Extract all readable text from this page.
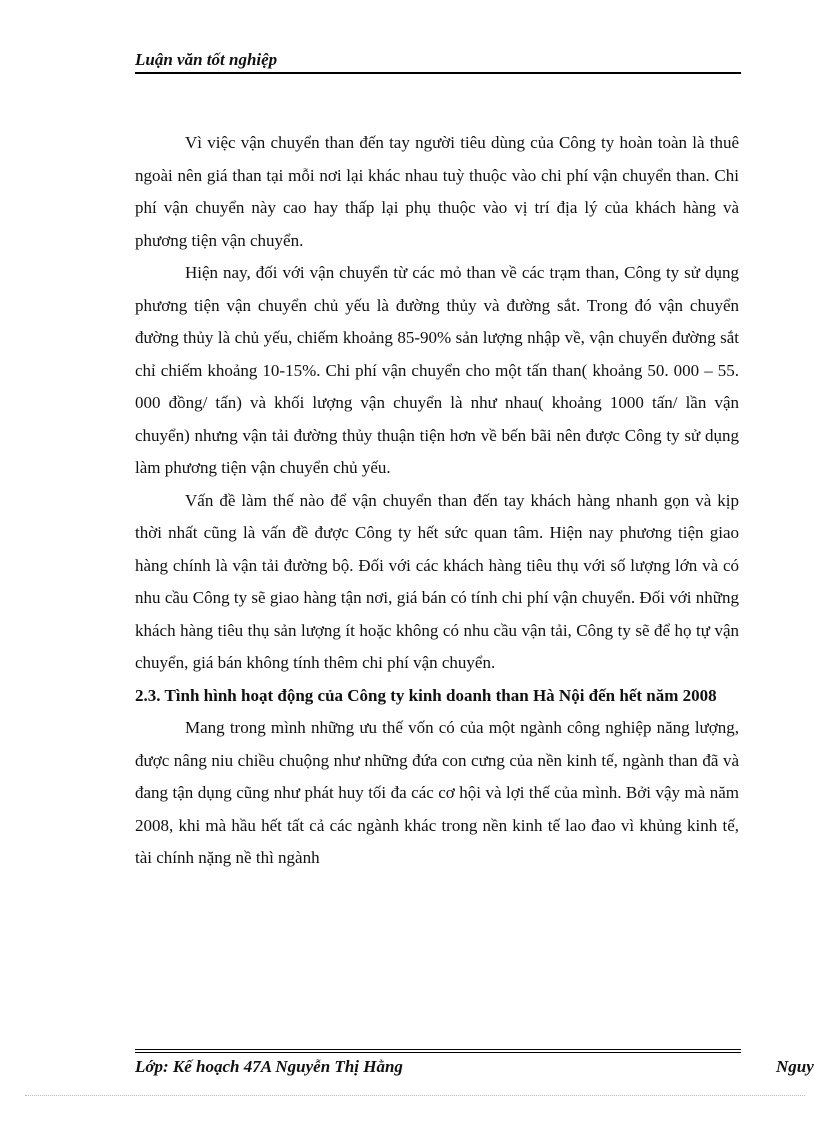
Luận văn tốt nghiệp

Vì việc vận chuyển than đến tay người tiêu dùng của Công ty hoàn toàn là thuê ngoài nên giá than tại mỗi nơi lại khác nhau tuỳ thuộc vào chi phí vận chuyển than. Chi phí vận chuyển này cao hay thấp lại phụ thuộc vào vị trí địa lý của khách hàng và phương tiện vận chuyển.

Hiện nay, đối với vận chuyển từ các mỏ than về các trạm than, Công ty sử dụng phương tiện vận chuyển chủ yếu là đường thủy và đường sắt. Trong đó vận chuyển đường thủy là chủ yếu, chiếm khoảng 85-90% sản lượng nhập về, vận chuyển đường sắt chỉ chiếm khoảng 10-15%. Chi phí vận chuyển cho một tấn than( khoảng 50. 000 – 55. 000 đồng/ tấn) và khối lượng vận chuyển là như nhau( khoảng 1000 tấn/ lần vận chuyển) nhưng vận tải đường thủy thuận tiện hơn về bến bãi nên được Công ty sử dụng làm phương tiện vận chuyển chủ yếu.

Vấn đề làm thế nào để vận chuyển than đến tay khách hàng nhanh gọn và kịp thời nhất cũng là vấn đề được Công ty hết sức quan tâm. Hiện nay phương tiện giao hàng chính là vận tải đường bộ. Đối với các khách hàng tiêu thụ với số lượng lớn và có nhu cầu Công ty sẽ giao hàng tận nơi, giá bán có tính chi phí vận chuyển. Đối với những khách hàng tiêu thụ sản lượng ít hoặc không có nhu cầu vận tải, Công ty sẽ để họ tự vận chuyển, giá bán không tính thêm chi phí vận chuyển.

2.3. Tình hình hoạt động của Công ty kinh doanh than Hà Nội đến hết năm 2008

Mang trong mình những ưu thế vốn có của một ngành công nghiệp năng lượng, được nâng niu chiều chuộng như những đứa con cưng của nền kinh tế, ngành than đã và đang tận dụng cũng như phát huy tối đa các cơ hội và lợi thế của mình. Bởi vậy mà năm 2008, khi mà hầu hết tất cả các ngành khác trong nền kinh tế lao đao vì khủng kinh tế, tài chính nặng nề thì ngành

Lớp: Kế hoạch 47A Nguyễn Thị Hằng	Nguy
